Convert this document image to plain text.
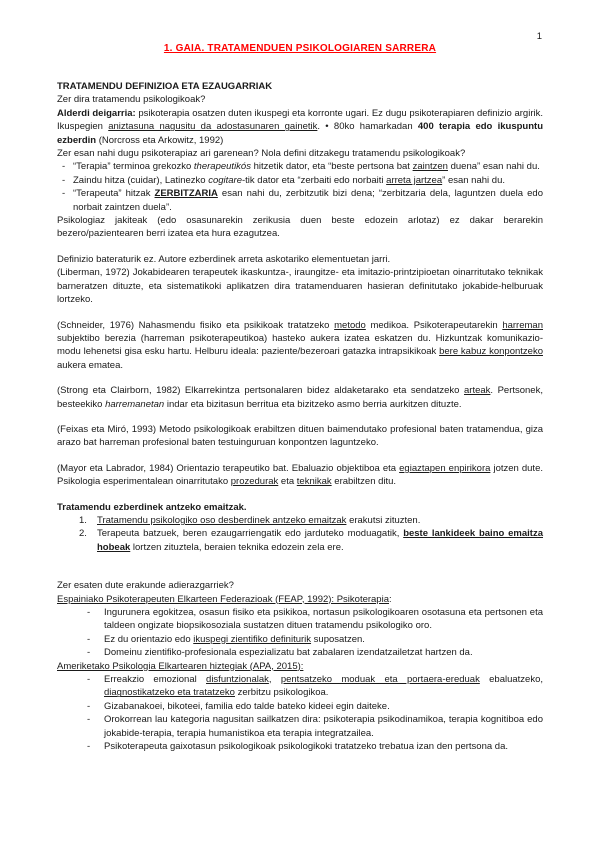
1
1. GAIA. TRATAMENDUEN PSIKOLOGIAREN SARRERA
TRATAMENDU DEFINIZIOA ETA EZAUGARRIAK
Zer dira tratamendu psikologikoak?
Alderdi deigarria: psikoterapia osatzen duten ikuspegi eta korronte ugari. Ez dugu psikoterapiaren definizio argirik. Ikuspegien aniztasuna nagusitu da adostasunaren gainetik. • 80ko hamarkadan 400 terapia edo ikuspuntu ezberdin (Norcross eta Arkowitz, 1992)
Zer esan nahi dugu psikoterapiaz ari garenean? Nola defini ditzakegu tratamendu psikologikoak?
- “Terapia” terminoa grekozko therapeutikós hitzetik dator, eta “beste pertsona bat zaintzen duena” esan nahi du.
- Zaindu hitza (cuidar), Latinezko cogitare-tik dator eta “zerbaiti edo norbaiti arreta jartzea” esan nahi du.
- “Terapeuta” hitzak ZERBITZARIA esan nahi du, zerbitzutik bizi dena; “zerbitzaria dela, laguntzen duela edo norbait zaintzen duela”.
Psikologiaz jakiteak (edo osasunarekin zerikusia duen beste edozein arlotaz) ez dakar berarekin bezero/pazientearen berri izatea eta hura ezagutzea.
Definizio bateraturik ez. Autore ezberdinek arreta askotariko elementuetan jarri.
(Liberman, 1972) Jokabidearen terapeutek ikaskuntza-, iraungitze- eta imitazio-printzipioetan oinarritutako teknikak barneratzen dituzte, eta sistematikoki aplikatzen dira tratamenduaren hasieran definitutako jokabide-helburuak lortzeko.
(Schneider, 1976) Nahasmendu fisiko eta psikikoak tratatzeko metodo medikoa. Psikoterapeutarekin harreman subjektibo berezia (harreman psikoterapeutikoa) hasteko aukera izatea eskatzen du. Hizkuntzak komunikazio-modu lehenetsi gisa esku hartu. Helburu ideala: paziente/bezeroari gatazka intrapsikikoak bere kabuz konpontzeko aukera ematea.
(Strong eta Clairborn, 1982) Elkarrekintza pertsonalaren bidez aldaketarako eta sendatzeko arteak. Pertsonek, besteekiko harremanetan indar eta bizitasun berritua eta bizitzeko asmo berria aurkitzen dituzte.
(Feixas eta Miró, 1993) Metodo psikologikoak erabiltzen dituen baimendutako profesional baten tratamendua, giza arazo bat harreman profesional baten testuinguruan konpontzen laguntzeko.
(Mayor eta Labrador, 1984) Orientazio terapeutiko bat. Ebaluazio objektiboa eta egiaztapen enpirikora jotzen dute. Psikologia esperimentalean oinarritutako prozedurak eta teknikak erabiltzen ditu.
Tratamendu ezberdinek antzeko emaitzak.
1.	Tratamendu psikologiko oso desberdinek antzeko emaitzak erakutsi zituzten.
2.	Terapeuta batzuek, beren ezaugarriengatik edo jarduteko moduagatik, beste lankideek baino emaitza hobeak lortzen zituztela, beraien teknika edozein zela ere.
Zer esaten dute erakunde adierazgarriek?
Espainiako Psikoterapeuten Elkarteen Federazioak (FEAP, 1992): Psikoterapia:
-	Ingurunera egokitzea, osasun fisiko eta psikikoa, nortasun psikologikoaren osotasuna eta pertsonen eta taldeen ongizate biopsikosoziala sustatzen dituen tratamendu psikologiko oro.
-	Ez du orientazio edo ikuspegi zientifiko definiturik suposatzen.
-	Domeinu zientifiko-profesionala espezializatu bat zabalaren izendatzailetzat hartzen da.
Ameriketako Psikologia Elkartearen hiztegiak (APA, 2015):
-	Erreakzio emozional disfuntzionalak, pentsatzeko moduak eta portaera-ereduak ebaluatzeko, diagnostikatzeko eta tratatzeko zerbitzu psikologikoa.
-	Gizabanakoei, bikoteei, familia edo talde bateko kideei egin daiteke.
-	Orokorrean lau kategoria nagusitan sailkatzen dira: psikoterapia psikodinamikoa, terapia kognitiboa edo jokabide-terapia, terapia humanistikoa eta terapia integratzailea.
-	Psikoterapeuta gaixotasun psikologikoak psikologikoki tratatzeko trebatua izan den pertsona da.
